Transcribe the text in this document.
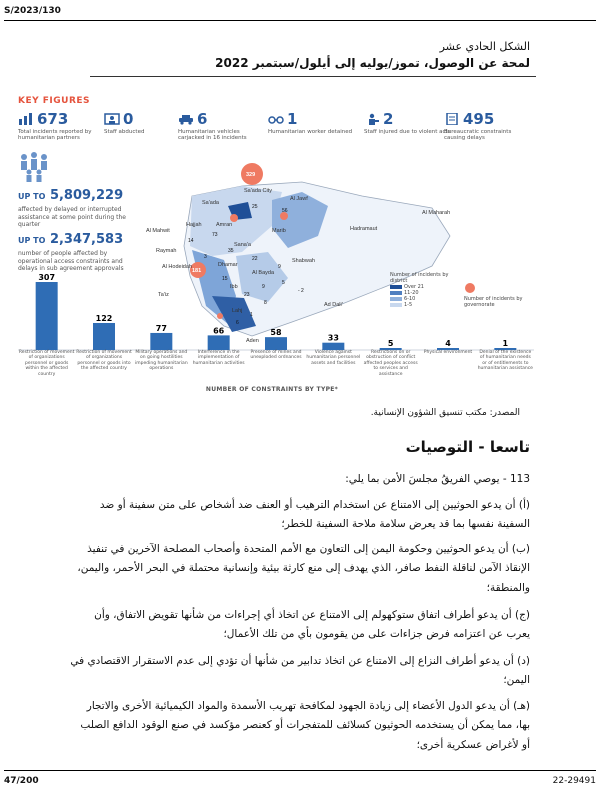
S/2023/130
الشكل الحادي عشر
لمحة عن الوصول، تموز/يوليه إلى أيلول/سبتمبر 2022
KEY FIGURES
673
Total incidents reported by humanitarian partners
0
Staff abducted
6
Humanitarian vehicles carjacked in 16 incidents
1
Humanitarian worker detained
2
Staff injured due to violent acts
495
Bureaucratic constraints causing delays
UP TO 5,809,229
affected by delayed or interrupted assistance at some point during the quarter
UP TO 2,347,583
number of people affected by operational access constraints and delays in sub agreement approvals
Sa'ada City
Sa'ada
Al Jawf
Hajjah	Amran
Al Mahwit
Sana'a
Marib
Raymah
Al Hodeidah	Dhamar
Al Bayda
Ibb
Shabwah
Ta'iz
Ad Dali'
Aden
Lahj
Hadramaut
Al Maharah
329
181
25
56
73
35
14
15
22
3
9
9
23
5
1
8
6
- 2
Number of incidents by district
Over 21
11-20
6-10
1-5
Number of incidents by governorate
307
122
77	66	58
33
5	4	1
Restriction of movement of organizations personnel or goods within the affected country
Restriction of movement of organizations personnel or goods into the affected country
Military operations and on going hostilities impeding humanitarian operations
Interference in the implementation of humanitarian activities
Presence of mines and unexploded ordnances
Violence against humanitarian personnel assets and facilities
Restrictions on or obstruction of conflict affected peoples access to services and assistance
Physical environment	Denial of the existence of humanitarian needs or of entitlements to humanitarian assistance
NUMBER OF CONSTRAINTS BY TYPE*
المصدر: مكتب تنسيق الشؤون الإنسانية.
تاسعا - التوصيات
113 - يوصي الفريقُ مجلسَ الأمن بما يلي:
(أ) أن يدعو الحوثيين إلى الامتناع عن استخدام الترهيب أو العنف ضد أشخاص على متن سفينة أو ضد السفينة نفسها بما قد يعرض سلامة ملاحة السفينة للخطر؛
(ب) أن يدعو الحوثيين وحكومة اليمن إلى التعاون مع الأمم المتحدة وأصحاب المصلحة الآخرين في تنفيذ الإنقاذ الآمن لناقلة النفط صافر، الذي يهدف إلى منع كارثة بيئية وإنسانية محتملة في البحر الأحمر، واليمن، والمنطقة؛
(ج) أن يدعو أطراف اتفاق ستوكهولم إلى الامتناع عن اتخاذ أي إجراءات من شأنها تقويض الاتفاق، وأن يعرب عن اعتزامه فرض جزاءات على من يقومون بأي من تلك الأعمال؛
(د) أن يدعو أطراف النزاع إلى الامتناع عن اتخاذ تدابير من شأنها أن تؤدي إلى عدم الاستقرار الاقتصادي في اليمن؛
(هـ) أن يدعو الدول الأعضاء إلى زيادة الجهود لمكافحة تهريب الأسمدة والمواد الكيميائية الأخرى والاتجار بها، مما يمكن أن يستخدمه الحوثيون كسلائف للمتفجرات أو كعنصر مؤكسد في صنع الوقود الدافع الصلب أو لأغراض عسكرية أخرى؛
47/200	22-29491
